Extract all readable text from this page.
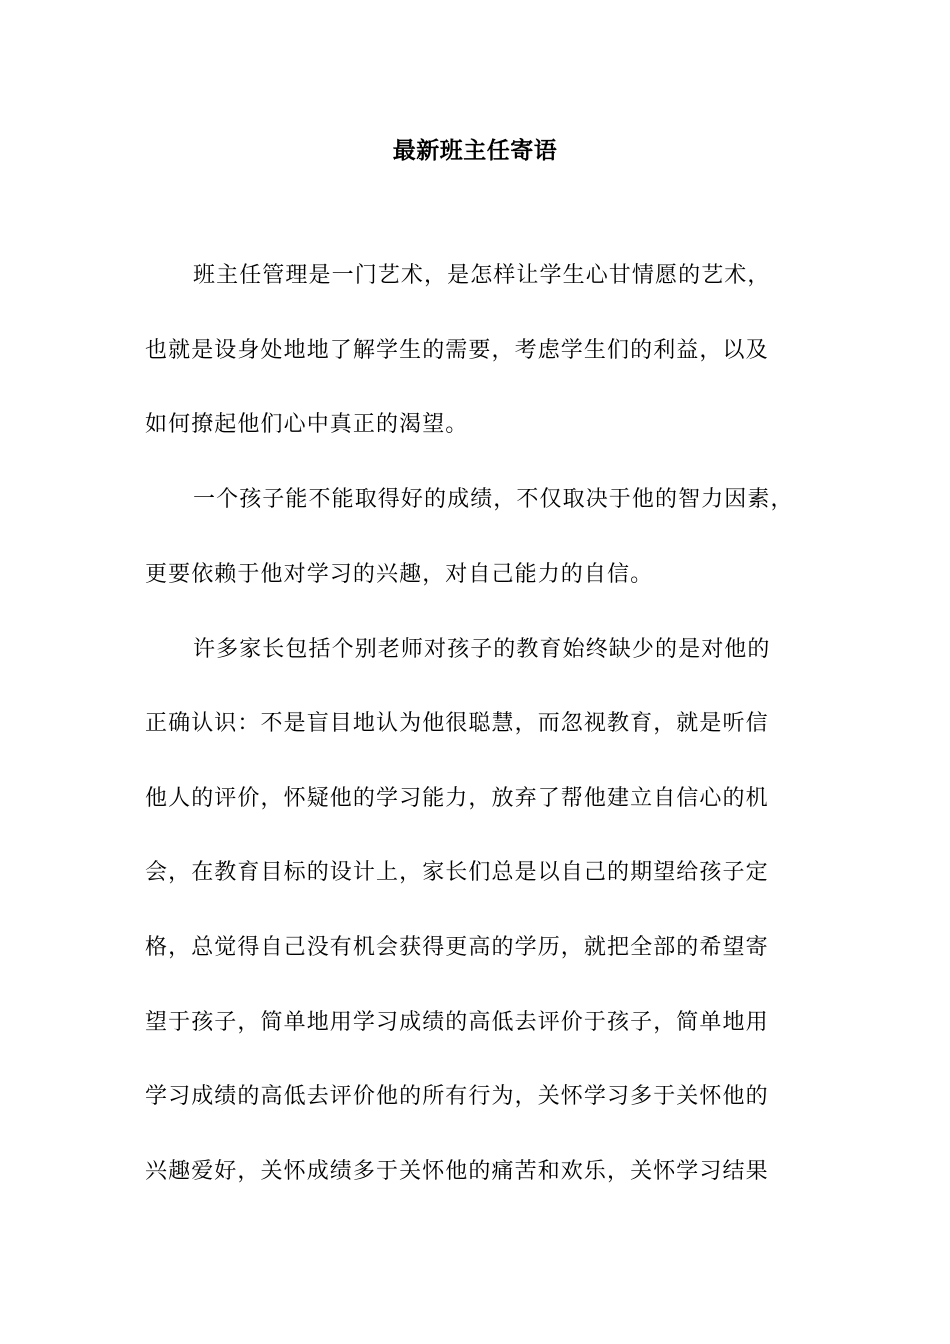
最新班主任寄语
班主任管理是一门艺术，是怎样让学生心甘情愿的艺术，
也就是设身处地地了解学生的需要，考虑学生们的利益，以及
如何撩起他们心中真正的渴望。
一个孩子能不能取得好的成绩，不仅取决于他的智力因素，
更要依赖于他对学习的兴趣，对自己能力的自信。
许多家长包括个别老师对孩子的教育始终缺少的是对他的
正确认识：不是盲目地认为他很聪慧，而忽视教育，就是听信
他人的评价，怀疑他的学习能力，放弃了帮他建立自信心的机
会，在教育目标的设计上，家长们总是以自己的期望给孩子定
格，总觉得自己没有机会获得更高的学历，就把全部的希望寄
望于孩子，简单地用学习成绩的高低去评价于孩子，简单地用
学习成绩的高低去评价他的所有行为，关怀学习多于关怀他的
兴趣爱好，关怀成绩多于关怀他的痛苦和欢乐，关怀学习结果
